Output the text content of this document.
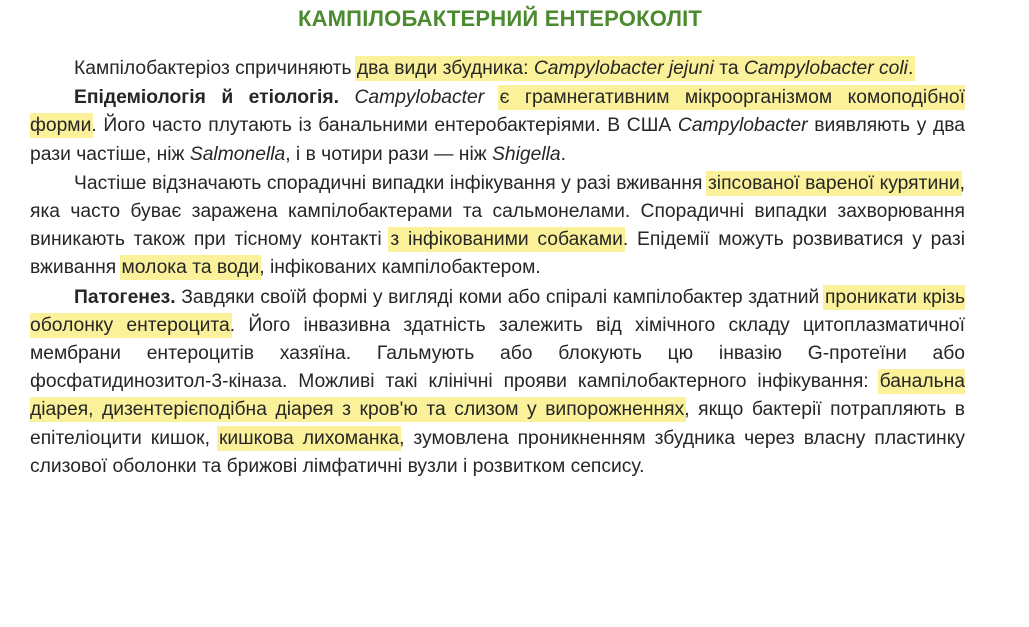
КАМПІЛОБАКТЕРНИЙ ЕНТЕРОКОЛІТ

Кампілобактеріоз спричиняють два види збудника: Campylobacter jejuni та Campylobacter coli.

Епідеміологія й етіологія. Campylobacter є грамнегативним мікроорганізмом комоподібної форми. Його часто плутають із банальними ентеробактеріями. В США Campylobacter виявляють у два рази частіше, ніж Salmonella, і в чотири рази — ніж Shigella.

Частіше відзначають спорадичні випадки інфікування у разі вживання зіпсованої вареної курятини, яка часто буває заражена кампілобактерами та сальмонелами. Спорадичні випадки захворювання виникають також при тісному контакті з інфікованими собаками. Епідемії можуть розвиватися у разі вживання молока та води, інфікованих кампілобактером.

Патогенез. Завдяки своїй формі у вигляді коми або спіралі кампілобактер здатний проникати крізь оболонку ентероцита. Його інвазивна здатність залежить від хімічного складу цитоплазматичної мембрани ентероцитів хазяїна. Гальмують або блокують цю інвазію G-протеїни або фосфатидинозитол-3-кіназа. Можливі такі клінічні прояви кампілобактерного інфікування: банальна діарея, дизентерієподібна діарея з кров'ю та слизом у випорожненнях, якщо бактерії потрапляють в епітеліоцити кишок, кишкова лихоманка, зумовлена проникненням збудника через власну пластинку слизової оболонки та брижові лімфатичні вузли і розвитком сепсису.
